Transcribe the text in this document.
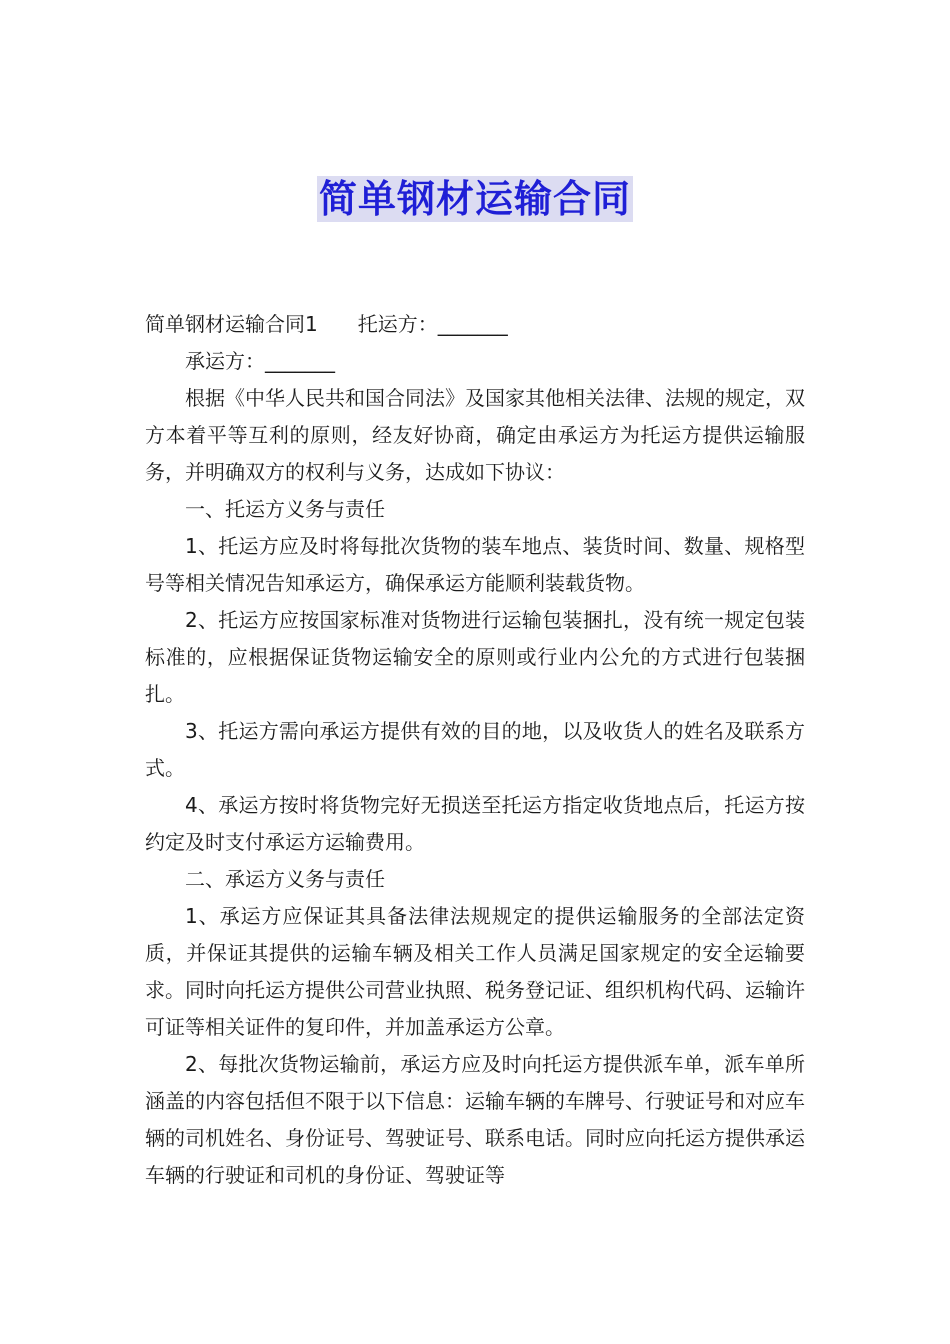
简单钢材运输合同

简单钢材运输合同1 托运方：_______

承运方：_______

根据《中华人民共和国合同法》及国家其他相关法律、法规的规定，双方本着平等互利的原则，经友好协商，确定由承运方为托运方提供运输服务，并明确双方的权利与义务，达成如下协议：

一、托运方义务与责任

1、托运方应及时将每批次货物的装车地点、装货时间、数量、规格型号等相关情况告知承运方，确保承运方能顺利装载货物。

2、托运方应按国家标准对货物进行运输包装捆扎，没有统一规定包装标准的，应根据保证货物运输安全的原则或行业内公允的方式进行包装捆扎。

3、托运方需向承运方提供有效的目的地，以及收货人的姓名及联系方式。

4、承运方按时将货物完好无损送至托运方指定收货地点后，托运方按约定及时支付承运方运输费用。

二、承运方义务与责任

1、承运方应保证其具备法律法规规定的提供运输服务的全部法定资质，并保证其提供的运输车辆及相关工作人员满足国家规定的安全运输要求。同时向托运方提供公司营业执照、税务登记证、组织机构代码、运输许可证等相关证件的复印件，并加盖承运方公章。

2、每批次货物运输前，承运方应及时向托运方提供派车单，派车单所涵盖的内容包括但不限于以下信息：运输车辆的车牌号、行驶证号和对应车辆的司机姓名、身份证号、驾驶证号、联系电话。同时应向托运方提供承运车辆的行驶证和司机的身份证、驾驶证等
